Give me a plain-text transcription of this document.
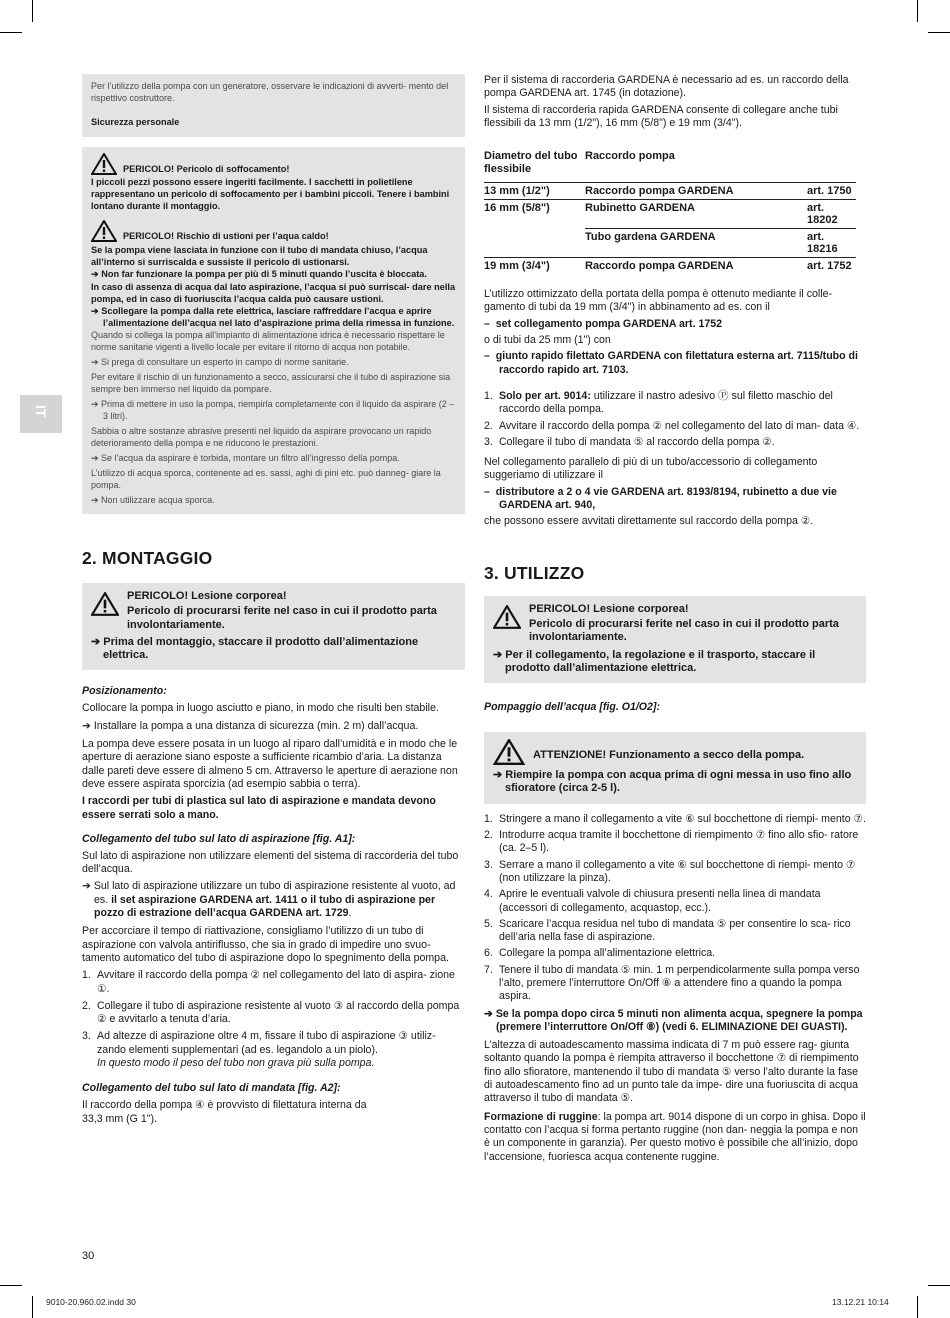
IT
Per l’utilizzo della pompa con un generatore, osservare le indicazioni di avverti- mento del rispettivo costruttore.
Sicurezza personale
PERICOLO! Pericolo di soffocamento!
I piccoli pezzi possono essere ingeriti facilmente. I sacchetti in polietilene rappresentano un pericolo di soffocamento per i bambini piccoli. Tenere i bambini lontano durante il montaggio.
PERICOLO! Rischio di ustioni per l’aqua caldo!
Se la pompa viene lasciata in funzione con il tubo di mandata chiuso, l’acqua all’interno si surriscalda e sussiste il pericolo di ustionarsi.
➔ Non far funzionare la pompa per più di 5 minuti quando l’uscita è bloccata.
In caso di assenza di acqua dal lato aspirazione, l’acqua si può surriscal- dare nella pompa, ed in caso di fuoriuscita l’acqua calda può causare ustioni.
➔ Scollegare la pompa dalla rete elettrica, lasciare raffreddare l’acqua e aprire l’alimentazione dell’acqua nel lato d’aspirazione prima della rimessa in funzione.
Quando si collega la pompa all’impianto di alimentazione idrica è necessario rispettare le norme sanitarie vigenti a livello locale per evitare il ritorno di acqua non potabile.
➔ Si prega di consultare un esperto in campo di norme sanitarie.
Per evitare il rischio di un funzionamento a secco, assicurarsi che il tubo di aspirazione sia sempre ben immerso nel liquido da pompare.
➔ Prima di mettere in uso la pompa, riempirla completamente con il liquido da aspirare (2 – 3 litri).
Sabbia o altre sostanze abrasive presenti nel liquido da aspirare provocano un rapido deterioramento della pompa e ne riducono le prestazioni.
➔ Se l’acqua da aspirare è torbida, montare un filtro all’ingresso della pompa.
L’utilizzo di acqua sporca, contenente ad es. sassi, aghi di pini etc. può danneg- giare la pompa.
➔ Non utilizzare acqua sporca.
2. MONTAGGIO
PERICOLO! Lesione corporea!
Pericolo di procurarsi ferite nel caso in cui il prodotto parta involontariamente.
➔ Prima del montaggio, staccare il prodotto dall’alimentazione elettrica.
Posizionamento:
Collocare la pompa in luogo asciutto e piano, in modo che risulti ben stabile.
➔ Installare la pompa a una distanza di sicurezza (min. 2 m) dall’acqua.
La pompa deve essere posata in un luogo al riparo dall’umidità e in modo che le aperture di aerazione siano esposte a sufficiente ricambio d’aria. La distanza dalle pareti deve essere di almeno 5 cm. Attraverso le aperture di aerazione non deve essere aspirata sporcizia (ad esempio sabbia o terra).
I raccordi per tubi di plastica sul lato di aspirazione e mandata devono essere serrati solo a mano.
Collegamento del tubo sul lato di aspirazione [fig. A1]:
Sul lato di aspirazione non utilizzare elementi del sistema di raccorderia del tubo dell’acqua.
➔ Sul lato di aspirazione utilizzare un tubo di aspirazione resistente al vuoto, ad es. il set aspirazione GARDENA art. 1411 o il tubo di aspirazione per pozzo di estrazione dell’acqua GARDENA art. 1729.
Per accorciare il tempo di riattivazione, consigliamo l’utilizzo di un tubo di aspirazione con valvola antiriflusso, che sia in grado di impedire uno svuo- tamento automatico del tubo di aspirazione dopo lo spegnimento della pompa.
1. Avvitare il raccordo della pompa ② nel collegamento del lato di aspira- zione ①.
2. Collegare il tubo di aspirazione resistente al vuoto ③ al raccordo della pompa ② e avvitarlo a tenuta d’aria.
3. Ad altezze di aspirazione oltre 4 m, fissare il tubo di aspirazione ③ utiliz- zando elementi supplementari (ad es. legandolo a un piolo).
In questo modo il peso del tubo non grava più sulla pompa.
Collegamento del tubo sul lato di mandata [fig. A2]:
Il raccordo della pompa ④ è provvisto di filettatura interna da 33,3 mm (G 1").
Per il sistema di raccorderia GARDENA è necessario ad es. un raccordo della pompa GARDENA art. 1745 (in dotazione).
Il sistema di raccorderia rapida GARDENA consente di collegare anche tubi flessibili da 13 mm (1/2"), 16 mm (5/8") e 19 mm (3/4").
Diametro del tubo flessibile	Raccordo pompa	
13 mm (1/2")	Raccordo pompa GARDENA	art. 1750
16 mm (5/8")	Rubinetto GARDENA	art. 18202
	Tubo gardena GARDENA	art. 18216
19 mm (3/4")	Raccordo pompa GARDENA	art. 1752
L’utilizzo ottimizzato della portata della pompa è ottenuto mediante il colle- gamento di tubi da 19 mm (3/4") in abbinamento ad es. con il
–  set collegamento pompa GARDENA art. 1752
o di tubi da 25 mm (1") con
–  giunto rapido filettato GARDENA con filettatura esterna art. 7115/tubo di raccordo rapido art. 7103.
1. Solo per art. 9014: utilizzare il nastro adesivo Ⓟ sul filetto maschio del raccordo della pompa.
2. Avvitare il raccordo della pompa ② nel collegamento del lato di man- data ④.
3. Collegare il tubo di mandata ⑤ al raccordo della pompa ②.
Nel collegamento parallelo di più di un tubo/accessorio di collegamento suggeriamo di utilizzare il
–  distributore a 2 o 4 vie GARDENA art. 8193/8194, rubinetto a due vie GARDENA art. 940,
che possono essere avvitati direttamente sul raccordo della pompa ②.
3. UTILIZZO
PERICOLO! Lesione corporea!
Pericolo di procurarsi ferite nel caso in cui il prodotto parta involontariamente.
➔ Per il collegamento, la regolazione e il trasporto, staccare il prodotto dall’alimentazione elettrica.
Pompaggio dell’acqua [fig. O1/O2]:
ATTENZIONE! Funzionamento a secco della pompa.
➔ Riempire la pompa con acqua prima di ogni messa in uso fino allo sfioratore (circa 2-5 l).
1. Stringere a mano il collegamento a vite ⑥ sul bocchettone di riempi- mento ⑦.
2. Introdurre acqua tramite il bocchettone di riempimento ⑦ fino allo sfio- ratore (ca. 2–5 l).
3. Serrare a mano il collegamento a vite ⑥ sul bocchettone di riempi- mento ⑦ (non utilizzare la pinza).
4. Aprire le eventuali valvole di chiusura presenti nella linea di mandata (accessori di collegamento, acquastop, ecc.).
5. Scaricare l’acqua residua nel tubo di mandata ⑤ per consentire lo sca- rico dell’aria nella fase di aspirazione.
6. Collegare la pompa all’alimentazione elettrica.
7. Tenere il tubo di mandata ⑤ min. 1 m perpendicolarmente sulla pompa verso l’alto, premere l’interruttore On/Off ⑧ a attendere fino a quando la pompa aspira.
➔ Se la pompa dopo circa 5 minuti non alimenta acqua, spegnere la pompa (premere l’interruttore On/Off ⑧) (vedi 6. ELIMINAZIONE DEI GUASTI).
L’altezza di autoadescamento massima indicata di 7 m può essere rag- giunta soltanto quando la pompa è riempita attraverso il bocchettone ⑦ di riempimento fino allo sfioratore, mantenendo il tubo di mandata ⑤ verso l’alto durante la fase di autoadescamento fino ad un punto tale da impe- dire una fuoriuscita di acqua attraverso il tubo di mandata ⑤.
Formazione di ruggine: la pompa art. 9014 dispone di un corpo in ghisa. Dopo il contatto con l’acqua si forma pertanto ruggine (non dan- neggia la pompa e non è un componente in garanzia). Per questo motivo è possibile che all’inizio, dopo l’accensione, fuoriesca acqua contenente ruggine.
30
9010-20.960.02.indd 30	13.12.21 10:14
